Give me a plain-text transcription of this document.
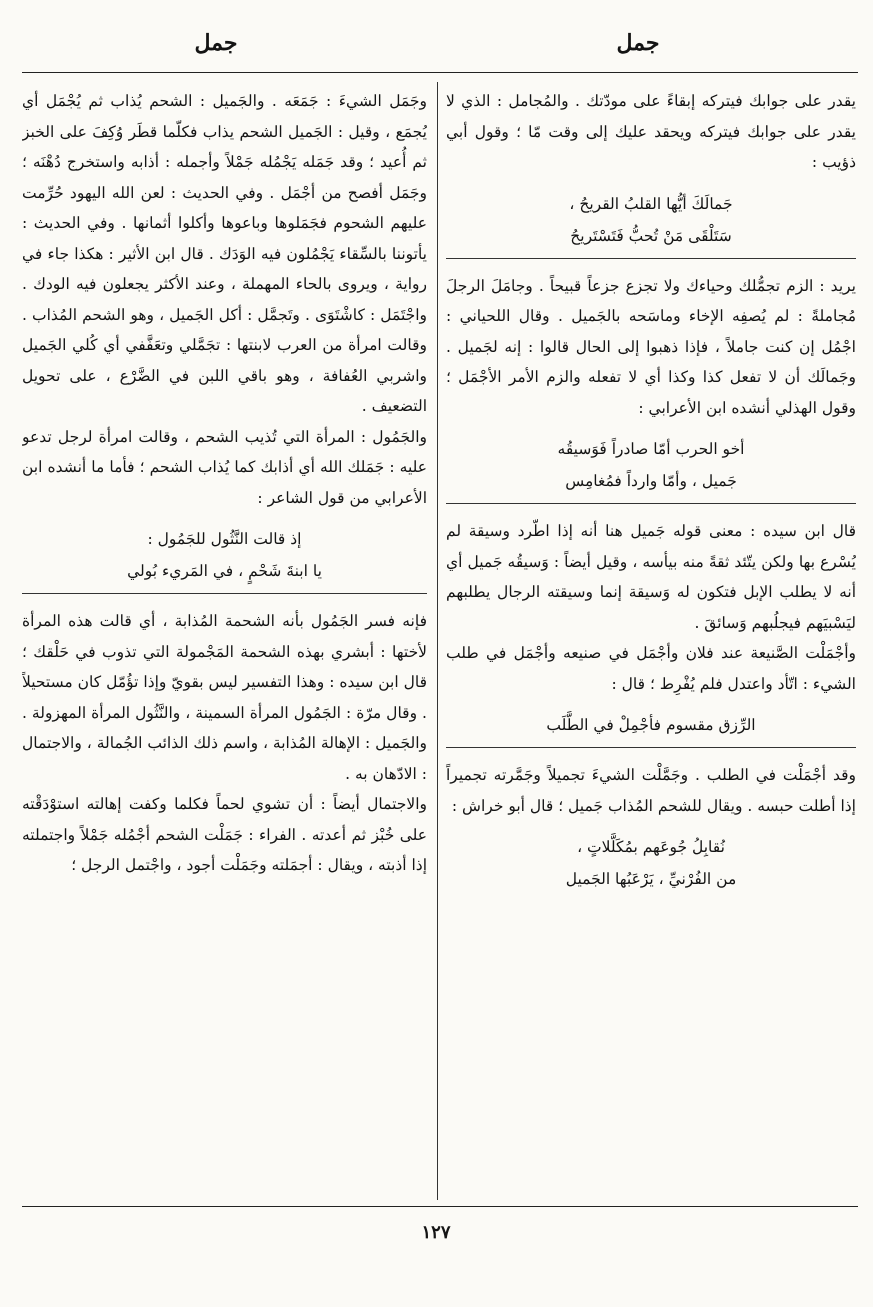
جمل
جمل

يقدر على جوابك فيتركه إبقاءً على مودّتك . والمُجامل : الذي لا يقدر على جوابك فيتركه ويحقد عليك إلى وقت مّا ؛ وقول أبي ذؤيب :

جَمالَكَ أيُّها القلبُ القريحُ ،
سَتَلْقَى مَنْ تُحبُّ فَتَسْتَريحُ

يريد : الزم تجمُّلك وحياءك ولا تجزع جزعاً قبيحاً . وجامَلَ الرجلَ مُجاملةً : لم يُصفِه الإخاء وماسَحه بالجَميل . وقال اللحياني : اجْمُل إن كنت جاملاً ، فإذا ذهبوا إلى الحال قالوا : إنه لجَميل . وجَمالَك أن لا تفعل كذا وكذا أي لا تفعله والزم الأمر الأجْمَل ؛ وقول الهذلي أنشده ابن الأعرابي :

أخو الحرب أمّا صادراً فَوَسيقُه
جَميل ، وأمّا وارداً فمُغامِس

قال ابن سيده : معنى قوله جَميل هنا أنه إذا اطّرد وسيقة لم يُسْرع بها ولكن يتّئد ثقةً منه بيأسه ، وقيل أيضاً : وَسيقُه جَميل أي أنه لا يطلب الإبل فتكون له وَسيقة إنما وسيقته الرجال يطلبهم ليَسْبيَهم فيجلُبهم وَسائقَ .

وأجْمَلْت الصَّنيعة عند فلان وأجْمَل في صنيعه وأجْمَل في طلب الشيء : اتّأد واعتدل فلم يُفْرِط ؛ قال :

الرِّزق مقسوم فأجْمِلْ في الطَّلَب

وقد أجْمَلْت في الطلب . وجَمَّلْت الشيءَ تجميلاً وجَمَّرته تجميراً إذا أطلت حبسه . ويقال للشحم المُذاب جَميل ؛ قال أبو خراش :

نُقابِلُ جُوعَهم بمُكَلَّلاتٍ ،
من الفُرْنيِّ ، يَرْعَبُها الجَميل

وجَمَل الشيءَ : جَمَعَه . والجَميل : الشحم يُذاب ثم يُجْمَل أي يُجمَع ، وقيل : الجَميل الشحم يذاب فكلّما قطَر وُكِفَ على الخبز ثم أُعيد ؛ وقد جَمَله يَجْمُله جَمْلاً وأجمله : أذابه واستخرج دُهْنَه ؛ وجَمَل أفصح من أجْمَل . وفي الحديث : لعن الله اليهود حُرِّمت عليهم الشحوم فجَمَلوها وباعوها وأكلوا أثمانها . وفي الحديث : يأتوننا بالسِّقاء يَجْمُلون فيه الوَدَك . قال ابن الأثير : هكذا جاء في رواية ، ويروى بالحاء المهملة ، وعند الأكثر يجعلون فيه الودك . واجْتَمَل : كاشْتَوَى . وتَجمَّل : أكل الجَميل ، وهو الشحم المُذاب . وقالت امرأة من العرب لابنتها : تجَمَّلي وتعَفَّفي أي كُلي الجَميل واشربي العُفافة ، وهو باقي اللبن في الضَّرْع ، على تحويل التضعيف .

والجَمُول : المرأة التي تُذيب الشحم ، وقالت امرأة لرجل تدعو عليه : جَمَلك الله أي أذابك كما يُذاب الشحم ؛ فأما ما أنشده ابن الأعرابي من قول الشاعر :

إذ قالت النَّثُول للجَمُول :
يا ابنةَ شَحْمٍ ، في المَريء بُولي

فإنه فسر الجَمُول بأنه الشحمة المُذابة ، أي قالت هذه المرأة لأختها : أبشري بهذه الشحمة المَجْمولة التي تذوب في حَلْقك ؛ قال ابن سيده : وهذا التفسير ليس بقويّ وإذا تؤُمّل كان مستحيلاً . وقال مرّة : الجَمُول المرأة السمينة ، والنَّثُول المرأة المهزولة . والجَميل : الإهالة المُذابة ، واسم ذلك الذائب الجُمالة ، والاجتمال : الادّهان به .

والاجتمال أيضاً : أن تشوي لحماً فكلما وكفت إهالته استوْدَقْته على خُبْز ثم أعدته . الفراء : جَمَلْت الشحم أجْمُله جَمْلاً واجتملته إذا أذبته ، ويقال : أجمَلته وجَمَلْت أجود ، واجْتمل الرجل ؛

١٢٧
